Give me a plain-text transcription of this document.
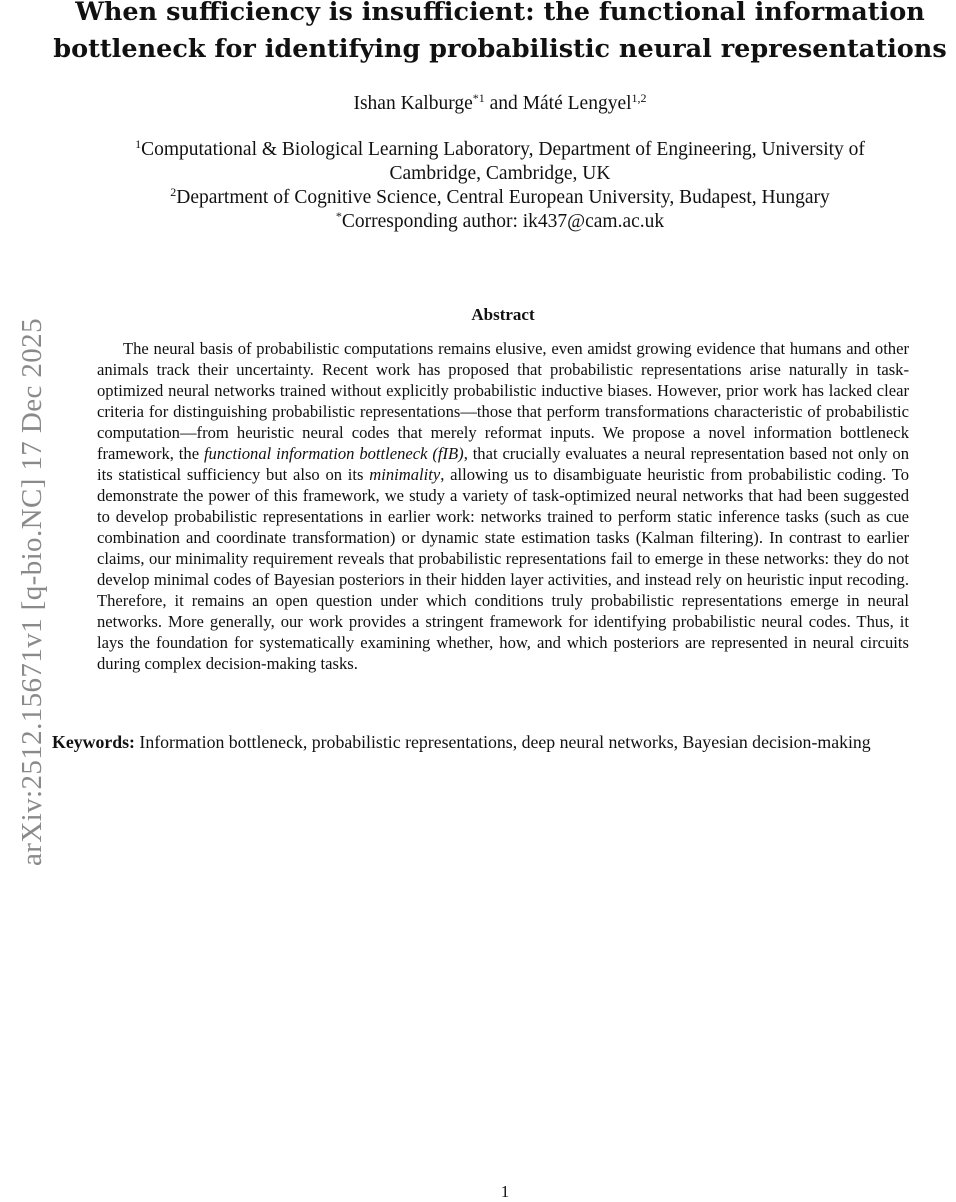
arXiv:2512.15671v1 [q-bio.NC] 17 Dec 2025
When sufficiency is insufficient: the functional information
bottleneck for identifying probabilistic neural representations
Ishan Kalburge$^{*1}$ and Máté Lengyel$^{1,2}$
$^1$Computational & Biological Learning Laboratory, Department of Engineering, University of
Cambridge, Cambridge, UK
$^2$Department of Cognitive Science, Central European University, Budapest, Hungary
*Corresponding author: ik437@cam.ac.uk
Abstract

The neural basis of probabilistic computations remains elusive, even amidst growing evidence that humans and other animals track their uncertainty. Recent work has proposed that probabilistic representations arise naturally in task-optimized neural networks trained without explicitly probabilistic inductive biases. However, prior work has lacked clear criteria for distinguishing probabilistic representations—those that perform transformations characteristic of probabilistic computation—from heuristic neural codes that merely reformat inputs. We propose a novel information bottleneck framework, the functional information bottleneck (fIB), that crucially evaluates a neural representation based not only on its statistical sufficiency but also on its minimality, allowing us to disambiguate heuristic from probabilistic coding. To demonstrate the power of this framework, we study a variety of task-optimized neural networks that had been suggested to develop probabilistic representations in earlier work: networks trained to perform static inference tasks (such as cue combination and coordinate transformation) or dynamic state estimation tasks (Kalman filtering). In contrast to earlier claims, our minimality requirement reveals that probabilistic representations fail to emerge in these networks: they do not develop minimal codes of Bayesian posteriors in their hidden layer activities, and instead rely on heuristic input recoding. Therefore, it remains an open question under which conditions truly probabilistic representations emerge in neural networks. More generally, our work provides a stringent framework for identifying probabilistic neural codes. Thus, it lays the foundation for systematically examining whether, how, and which posteriors are represented in neural circuits during complex decision-making tasks.

Keywords: Information bottleneck, probabilistic representations, deep neural networks, Bayesian decision-making

1
